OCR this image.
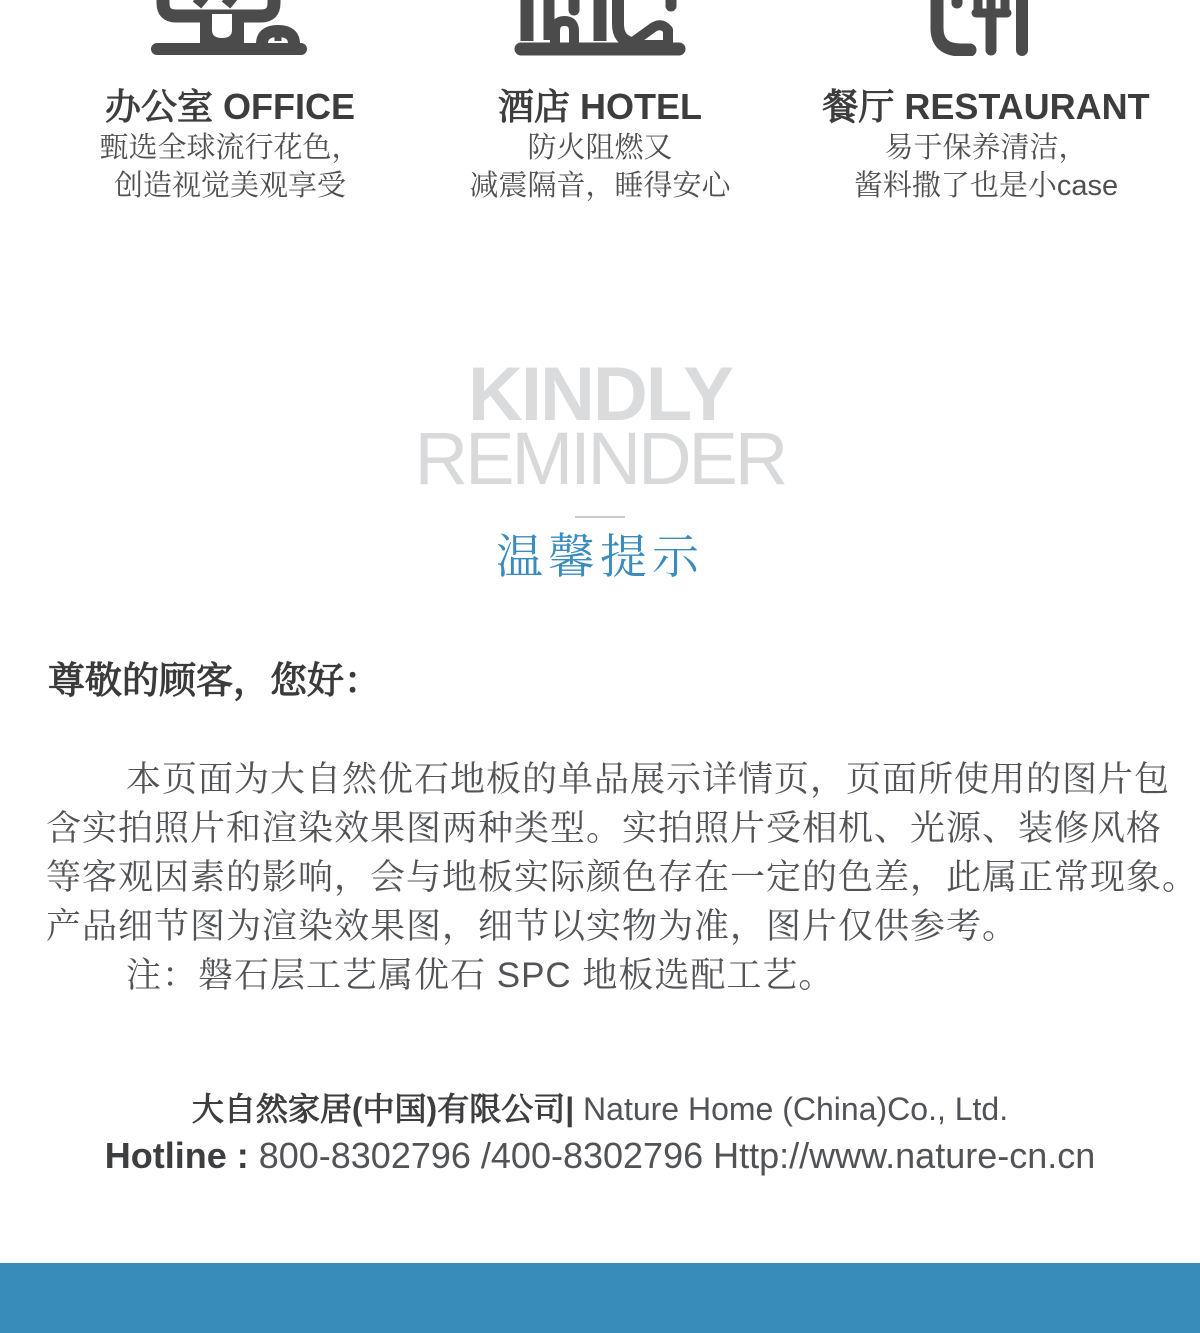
办公室 OFFICE
甄选全球流行花色，
创造视觉美观享受
酒店 HOTEL
防火阻燃又
减震隔音，睡得安心
餐厅 RESTAURANT
易于保养清洁，
酱料撒了也是小case
KINDLY
REMINDER
温馨提示
尊敬的顾客，您好：
本页面为大自然优石地板的单品展示详情页，页面所使用的图片包
含实拍照片和渲染效果图两种类型。实拍照片受相机、光源、装修风格
等客观因素的影响，会与地板实际颜色存在一定的色差，此属正常现象。
产品细节图为渲染效果图，细节以实物为准，图片仅供参考。
注：磐石层工艺属优石 SPC 地板选配工艺。
大自然家居(中国)有限公司| Nature Home (China)Co., Ltd.
Hotline : 800-8302796 /400-8302796 Http://www.nature-cn.cn
